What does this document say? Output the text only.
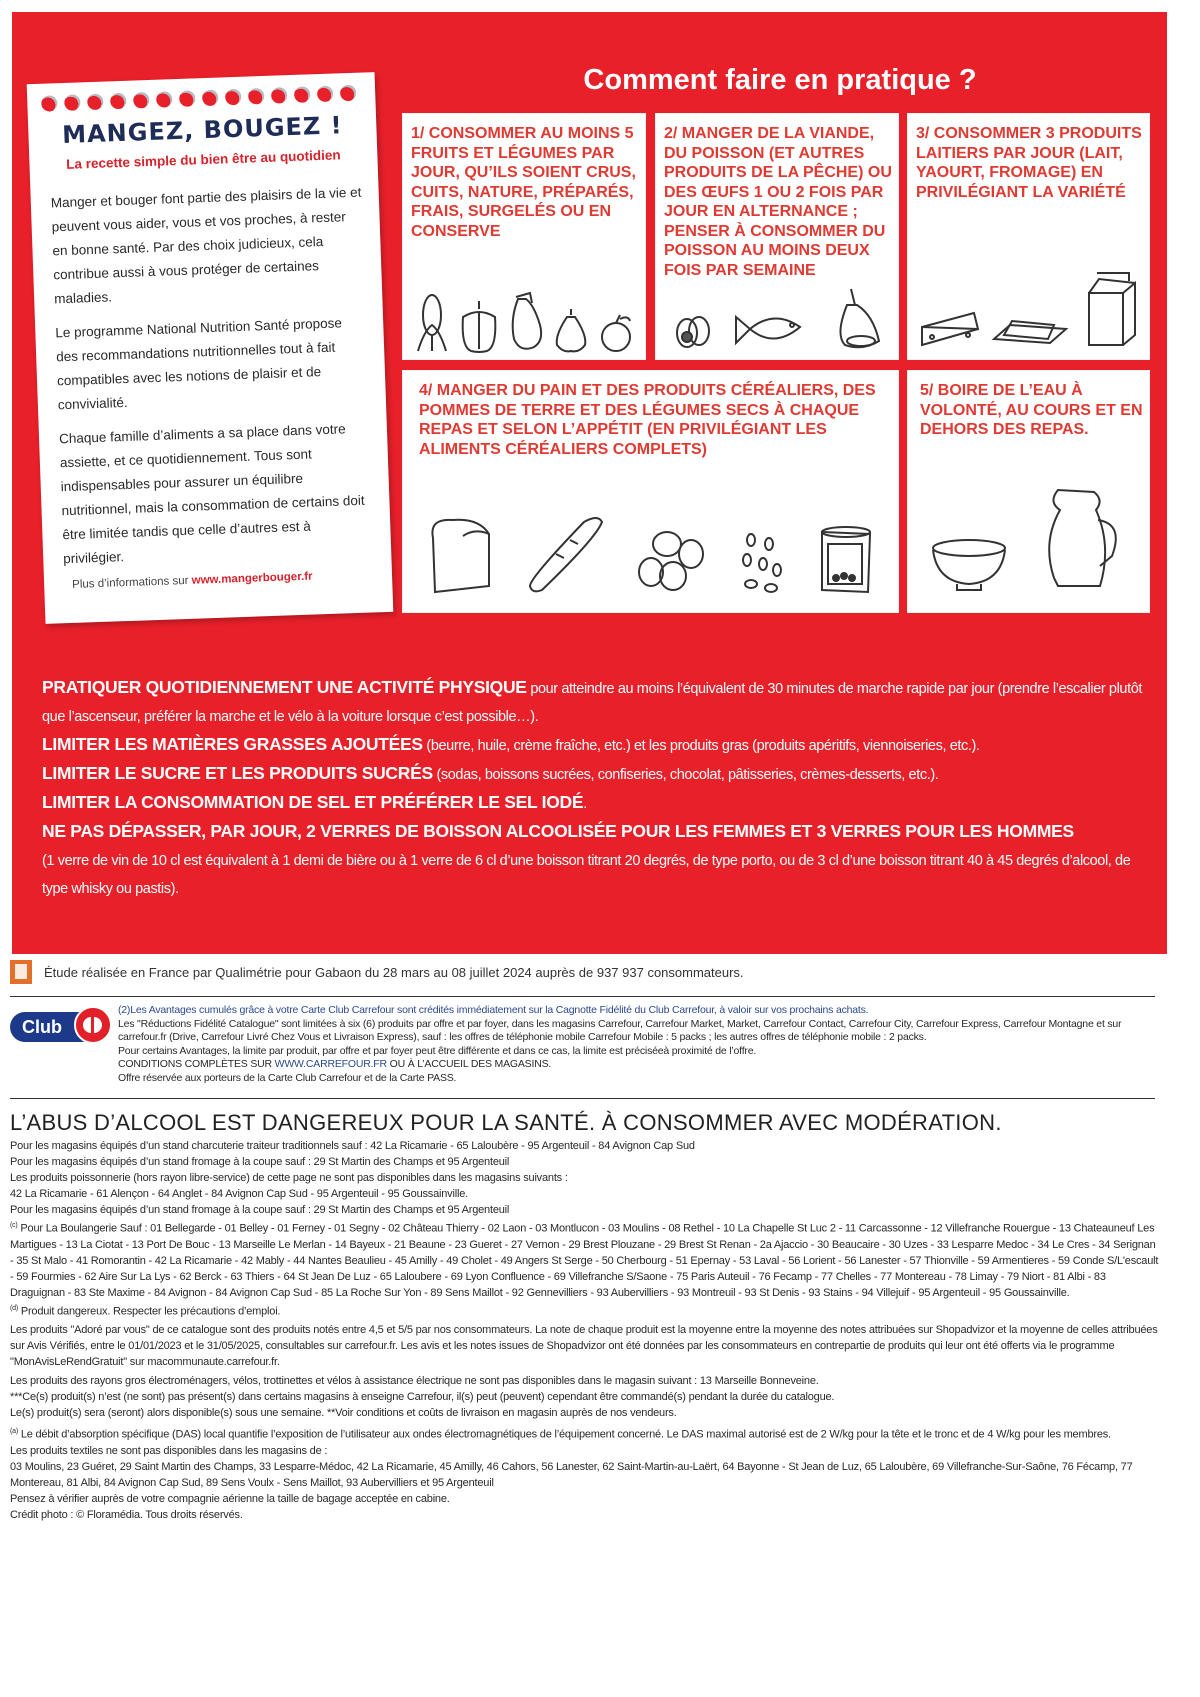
MANGEZ, BOUGEZ !
La recette simple du bien être au quotidien

Manger et bouger font partie des plaisirs de la vie et peuvent vous aider, vous et vos proches, à rester en bonne santé. Par des choix judicieux, cela contribue aussi à vous protéger de certaines maladies.

Le programme National Nutrition Santé propose des recommandations nutritionnelles tout à fait compatibles avec les notions de plaisir et de convivialité.

Chaque famille d’aliments a sa place dans votre assiette, et ce quotidiennement. Tous sont indispensables pour assurer un équilibre nutritionnel, mais la consommation de certains doit être limitée tandis que celle d’autres est à privilégier.

Plus d’informations sur www.mangerbouger.fr
Comment faire en pratique ?
1/ CONSOMMER AU MOINS 5 FRUITS ET LÉGUMES PAR JOUR, QU’ILS SOIENT CRUS, CUITS, NATURE, PRÉPARÉS, FRAIS, SURGELÉS OU EN CONSERVE
2/ MANGER DE LA VIANDE, DU POISSON (ET AUTRES PRODUITS DE LA PÊCHE) OU DES ŒUFS 1 OU 2 FOIS PAR JOUR EN ALTERNANCE ; PENSER À CONSOMMER DU POISSON AU MOINS DEUX FOIS PAR SEMAINE
3/ CONSOMMER 3 PRODUITS LAITIERS PAR JOUR (LAIT, YAOURT, FROMAGE) EN PRIVILÉGIANT LA VARIÉTÉ
4/ MANGER DU PAIN ET DES PRODUITS CÉRÉALIERS, DES POMMES DE TERRE ET DES LÉGUMES SECS À CHAQUE REPAS ET SELON L’APPÉTIT (EN PRIVILÉGIANT LES ALIMENTS CÉRÉALIERS COMPLETS)
5/ BOIRE DE L’EAU À VOLONTÉ, AU COURS ET EN DEHORS DES REPAS.
PRATIQUER QUOTIDIENNEMENT UNE ACTIVITÉ PHYSIQUE pour atteindre au moins l’équivalent de 30 minutes de marche rapide par jour (prendre l’escalier plutôt que l’ascenseur, préférer la marche et le vélo à la voiture lorsque c’est possible…).
LIMITER LES MATIÈRES GRASSES AJOUTÉES (beurre, huile, crème fraîche, etc.) et les produits gras (produits apéritifs, viennoiseries, etc.).
LIMITER LE SUCRE ET LES PRODUITS SUCRÉS (sodas, boissons sucrées, confiseries, chocolat, pâtisseries, crèmes-desserts, etc.).
LIMITER LA CONSOMMATION DE SEL ET PRÉFÉRER LE SEL IODÉ.
NE PAS DÉPASSER, PAR JOUR, 2 VERRES DE BOISSON ALCOOLISÉE POUR LES FEMMES ET 3 VERRES POUR LES HOMMES
(1 verre de vin de 10 cl est équivalent à 1 demi de bière ou à 1 verre de 6 cl d’une boisson titrant 20 degrés, de type porto, ou de 3 cl d’une boisson titrant 40 à 45 degrés d’alcool, de type whisky ou pastis).
Étude réalisée en France par Qualimétrie pour Gabaon du 28 mars au 08 juillet 2024 auprès de 937 937 consommateurs.
Club
(2)Les Avantages cumulés grâce à votre Carte Club Carrefour sont crédités immédiatement sur la Cagnotte Fidélité du Club Carrefour, à valoir sur vos prochains achats.
Les "Réductions Fidélité Catalogue" sont limitées à six (6) produits par offre et par foyer, dans les magasins Carrefour, Carrefour Market, Market, Carrefour Contact, Carrefour City, Carrefour Express, Carrefour Montagne et sur carrefour.fr (Drive, Carrefour Livré Chez Vous et Livraison Express), sauf : les offres de téléphonie mobile Carrefour Mobile : 5 packs ; les autres offres de téléphonie mobile : 2 packs.
Pour certains Avantages, la limite par produit, par offre et par foyer peut être différente et dans ce cas, la limite est préciséeà proximité de l’offre.
CONDITIONS COMPLÈTES SUR WWW.CARREFOUR.FR OU À L’ACCUEIL DES MAGASINS.
Offre réservée aux porteurs de la Carte Club Carrefour et de la Carte PASS.
L’ABUS D’ALCOOL EST DANGEREUX POUR LA SANTÉ. À CONSOMMER AVEC MODÉRATION.
Pour les magasins équipés d’un stand charcuterie traiteur traditionnels sauf : 42 La Ricamarie - 65 Laloubère - 95 Argenteuil - 84 Avignon Cap Sud
Pour les magasins équipés d’un stand fromage à la coupe sauf : 29 St Martin des Champs et 95 Argenteuil
Les produits poissonnerie (hors rayon libre-service) de cette page ne sont pas disponibles dans les magasins suivants :
42 La Ricamarie - 61 Alençon - 64 Anglet - 84 Avignon Cap Sud - 95 Argenteuil - 95 Goussainville.
Pour les magasins équipés d’un stand fromage à la coupe sauf : 29 St Martin des Champs et 95 Argenteuil
$^{(c)}$ Pour La Boulangerie Sauf : 01 Bellegarde - 01 Belley - 01 Ferney - 01 Segny - 02 Château Thierry - 02 Laon - 03 Montlucon - 03 Moulins - 08 Rethel - 10 La Chapelle St Luc 2 - 11 Carcassonne - 12 Villefranche Rouergue - 13 Chateauneuf Les Martigues - 13 La Ciotat - 13 Port De Bouc - 13 Marseille Le Merlan - 14 Bayeux - 21 Beaune - 23 Gueret - 27 Vernon - 29 Brest Plouzane - 29 Brest St Renan - 2a Ajaccio - 30 Beaucaire - 30 Uzes - 33 Lesparre Medoc - 34 Le Cres - 34 Serignan - 35 St Malo - 41 Romorantin - 42 La Ricamarie - 42 Mably - 44 Nantes Beaulieu - 45 Amilly - 49 Cholet - 49 Angers St Serge - 50 Cherbourg - 51 Epernay - 53 Laval - 56 Lorient - 56 Lanester - 57 Thionville - 59 Armentieres - 59 Conde S/L'escault - 59 Fourmies - 62 Aire Sur La Lys - 62 Berck - 63 Thiers - 64 St Jean De Luz - 65 Laloubere - 69 Lyon Confluence - 69 Villefranche S/Saone - 75 Paris Auteuil - 76 Fecamp - 77 Chelles - 77 Montereau - 78 Limay - 79 Niort - 81 Albi - 83 Draguignan - 83 Ste Maxime - 84 Avignon - 84 Avignon Cap Sud - 85 La Roche Sur Yon - 89 Sens Maillot - 92 Gennevilliers - 93 Aubervilliers - 93 Montreuil - 93 St Denis - 93 Stains - 94 Villejuif - 95 Argenteuil - 95 Goussainville.

$^{(d)}$ Produit dangereux. Respecter les précautions d’emploi.

Les produits "Adoré par vous" de ce catalogue sont des produits notés entre 4,5 et 5/5 par nos consommateurs. La note de chaque produit est la moyenne entre la moyenne des notes attribuées sur Shopadvizor et la moyenne de celles attribuées sur Avis Vérifiés, entre le 01/01/2023 et le 31/05/2025, consultables sur carrefour.fr. Les avis et les notes issues de Shopadvizor ont été données par les consommateurs en contrepartie de produits qui leur ont été offerts via le programme "MonAvisLeRendGratuit" sur macommunaute.carrefour.fr.

Les produits des rayons gros électroménagers, vélos, trottinettes et vélos à assistance électrique ne sont pas disponibles dans le magasin suivant : 13 Marseille Bonneveine.
***Ce(s) produit(s) n’est (ne sont) pas présent(s) dans certains magasins à enseigne Carrefour, il(s) peut (peuvent) cependant être commandé(s) pendant la durée du catalogue.

Le(s) produit(s) sera (seront) alors disponible(s) sous une semaine. **Voir conditions et coûts de livraison en magasin auprès de nos vendeurs.

$^{(a)}$ Le débit d’absorption spécifique (DAS) local quantifie l’exposition de l’utilisateur aux ondes électromagnétiques de l’équipement concerné. Le DAS maximal autorisé est de 2 W/kg pour la tête et le tronc et de 4 W/kg pour les membres.
Les produits textiles ne sont pas disponibles dans les magasins de :
03 Moulins, 23 Guéret, 29 Saint Martin des Champs, 33 Lesparre-Médoc, 42 La Ricamarie, 45 Amilly, 46 Cahors, 56 Lanester, 62 Saint-Martin-au-Laërt, 64 Bayonne - St Jean de Luz, 65 Laloubère, 69 Villefranche-Sur-Saône, 76 Fécamp, 77 Montereau, 81 Albi, 84 Avignon Cap Sud, 89 Sens Voulx - Sens Maillot, 93 Aubervilliers et 95 Argenteuil
Pensez à vérifier auprès de votre compagnie aérienne la taille de bagage acceptée en cabine.
Crédit photo : © Floramédia. Tous droits réservés.
